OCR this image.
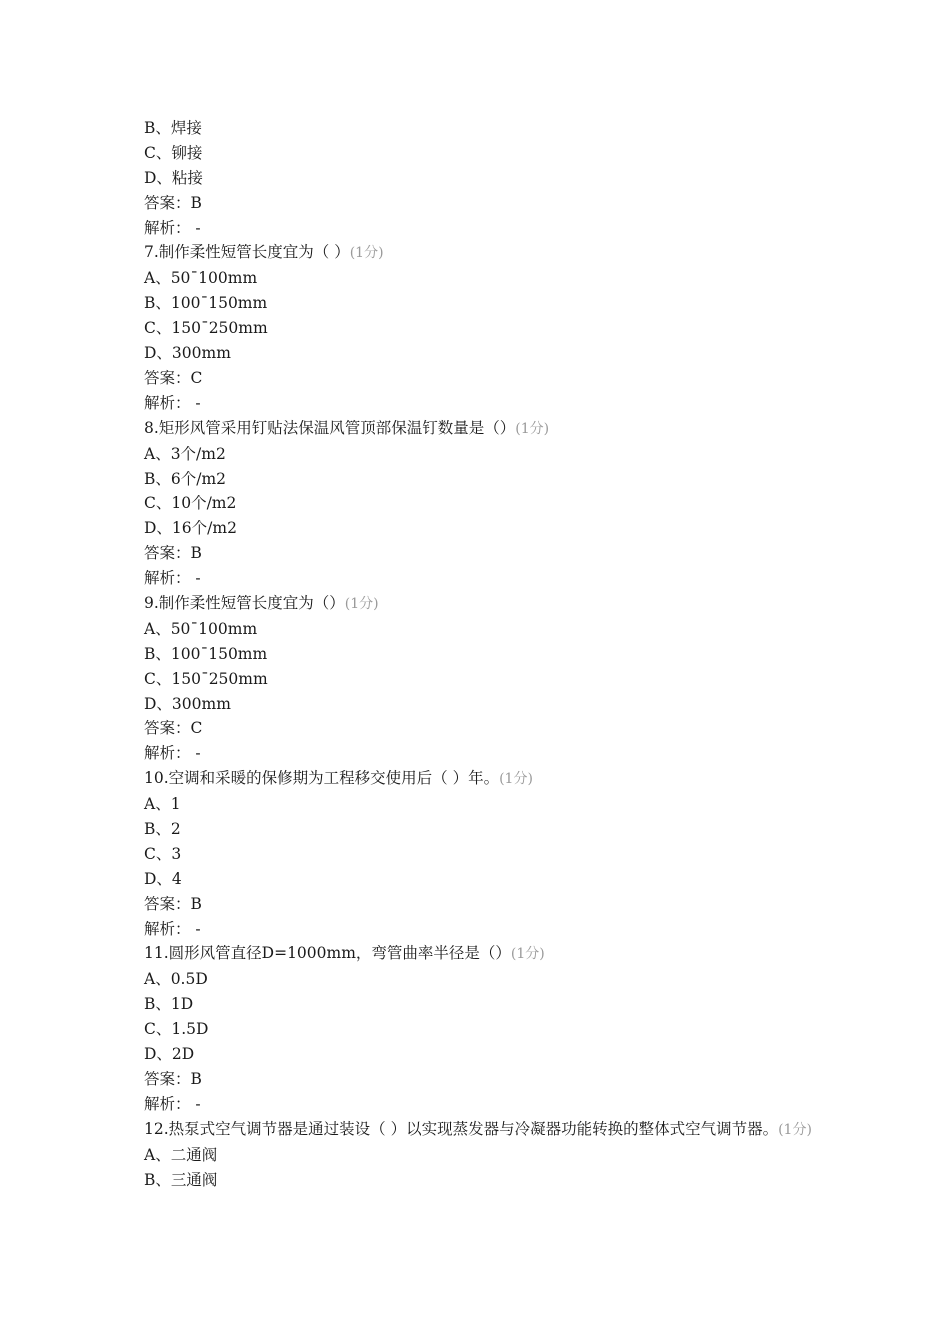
B、焊接
C、铆接
D、粘接
答案：B
解析： -
7.制作柔性短管长度宜为（ ）(1分)
A、50¯100mm
B、100¯150mm
C、150¯250mm
D、300mm
答案：C
解析： -
8.矩形风管采用钉贴法保温风管顶部保温钉数量是（）(1分)
A、3个/m2
B、6个/m2
C、10个/m2
D、16个/m2
答案：B
解析： -
9.制作柔性短管长度宜为（）(1分)
A、50¯100mm
B、100¯150mm
C、150¯250mm
D、300mm
答案：C
解析： -
10.空调和采暖的保修期为工程移交使用后（ ）年。(1分)
A、1
B、2
C、3
D、4
答案：B
解析： -
11.圆形风管直径D=1000mm，弯管曲率半径是（）(1分)
A、0.5D
B、1D
C、1.5D
D、2D
答案：B
解析： -
12.热泵式空气调节器是通过装设（ ）以实现蒸发器与冷凝器功能转换的整体式空气调节器。(1分)
A、二通阀
B、三通阀
